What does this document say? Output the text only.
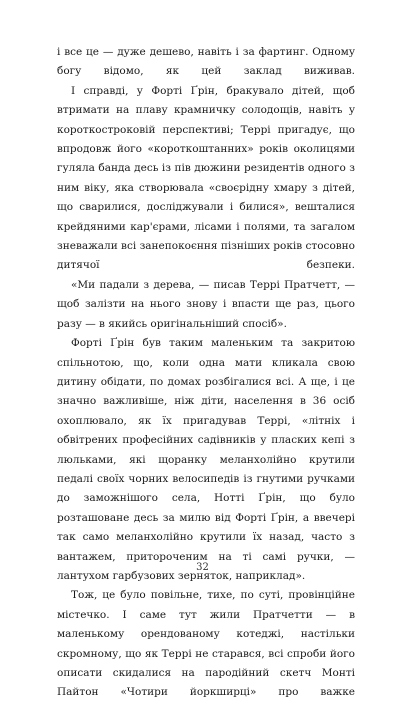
і все це — дуже дешево, навіть і за фартинг. Одному богу відомо, як цей заклад виживав.

І справді, у Форті Ґрін, бракувало дітей, щоб втримати на плаву крамничку солодощів, навіть у короткостроковій перспективі; Террі пригадує, що впродовж його «короткоштанних» років околицями гуляла банда десь із пів дюжини резидентів одного з ним віку, яка створювала «своєрідну хмару з дітей, що сварилися, досліджували і билися», вешталися крейдяними кар'єрами, лісами і полями, та загалом зневажали всі занепокоєння пізніших років стосовно дитячої безпеки.

«Ми падали з дерева, — писав Террі Пратчетт, — щоб залізти на нього знову і впасти ще раз, цього разу — в якийсь оригінальніший спосіб».

Форті Ґрін був таким маленьким та закритою спільнотою, що, коли одна мати кликала свою дитину обідати, по домах розбігалися всі. А ще, і це значно важливіше, ніж діти, населення в 36 осіб охоплювало, як їх пригадував Террі, «літніх і обвітрених професійних садівників у пласких кепі з люльками, які щоранку меланхолійно крутили педалі своїх чорних велосипедів із гнутими ручками до заможнішого села, Нотті Ґрін, що було розташоване десь за милю від Форті Ґрін, а ввечері так само меланхолійно крутили їх назад, часто з вантажем, приторочeним на ті самі ручки, — лантухом гарбузових зерняток, наприклад».

Тож, це було повільне, тихе, по суті, провінційне містечко. І саме тут жили Пратчетти — в маленькому орендованому котеджі, настільки скромному, що як Террі не старався, всі спроби його описати скидалися на пародійний скетч Монті Пайтон «Чотири йоркширці» про важке

32
